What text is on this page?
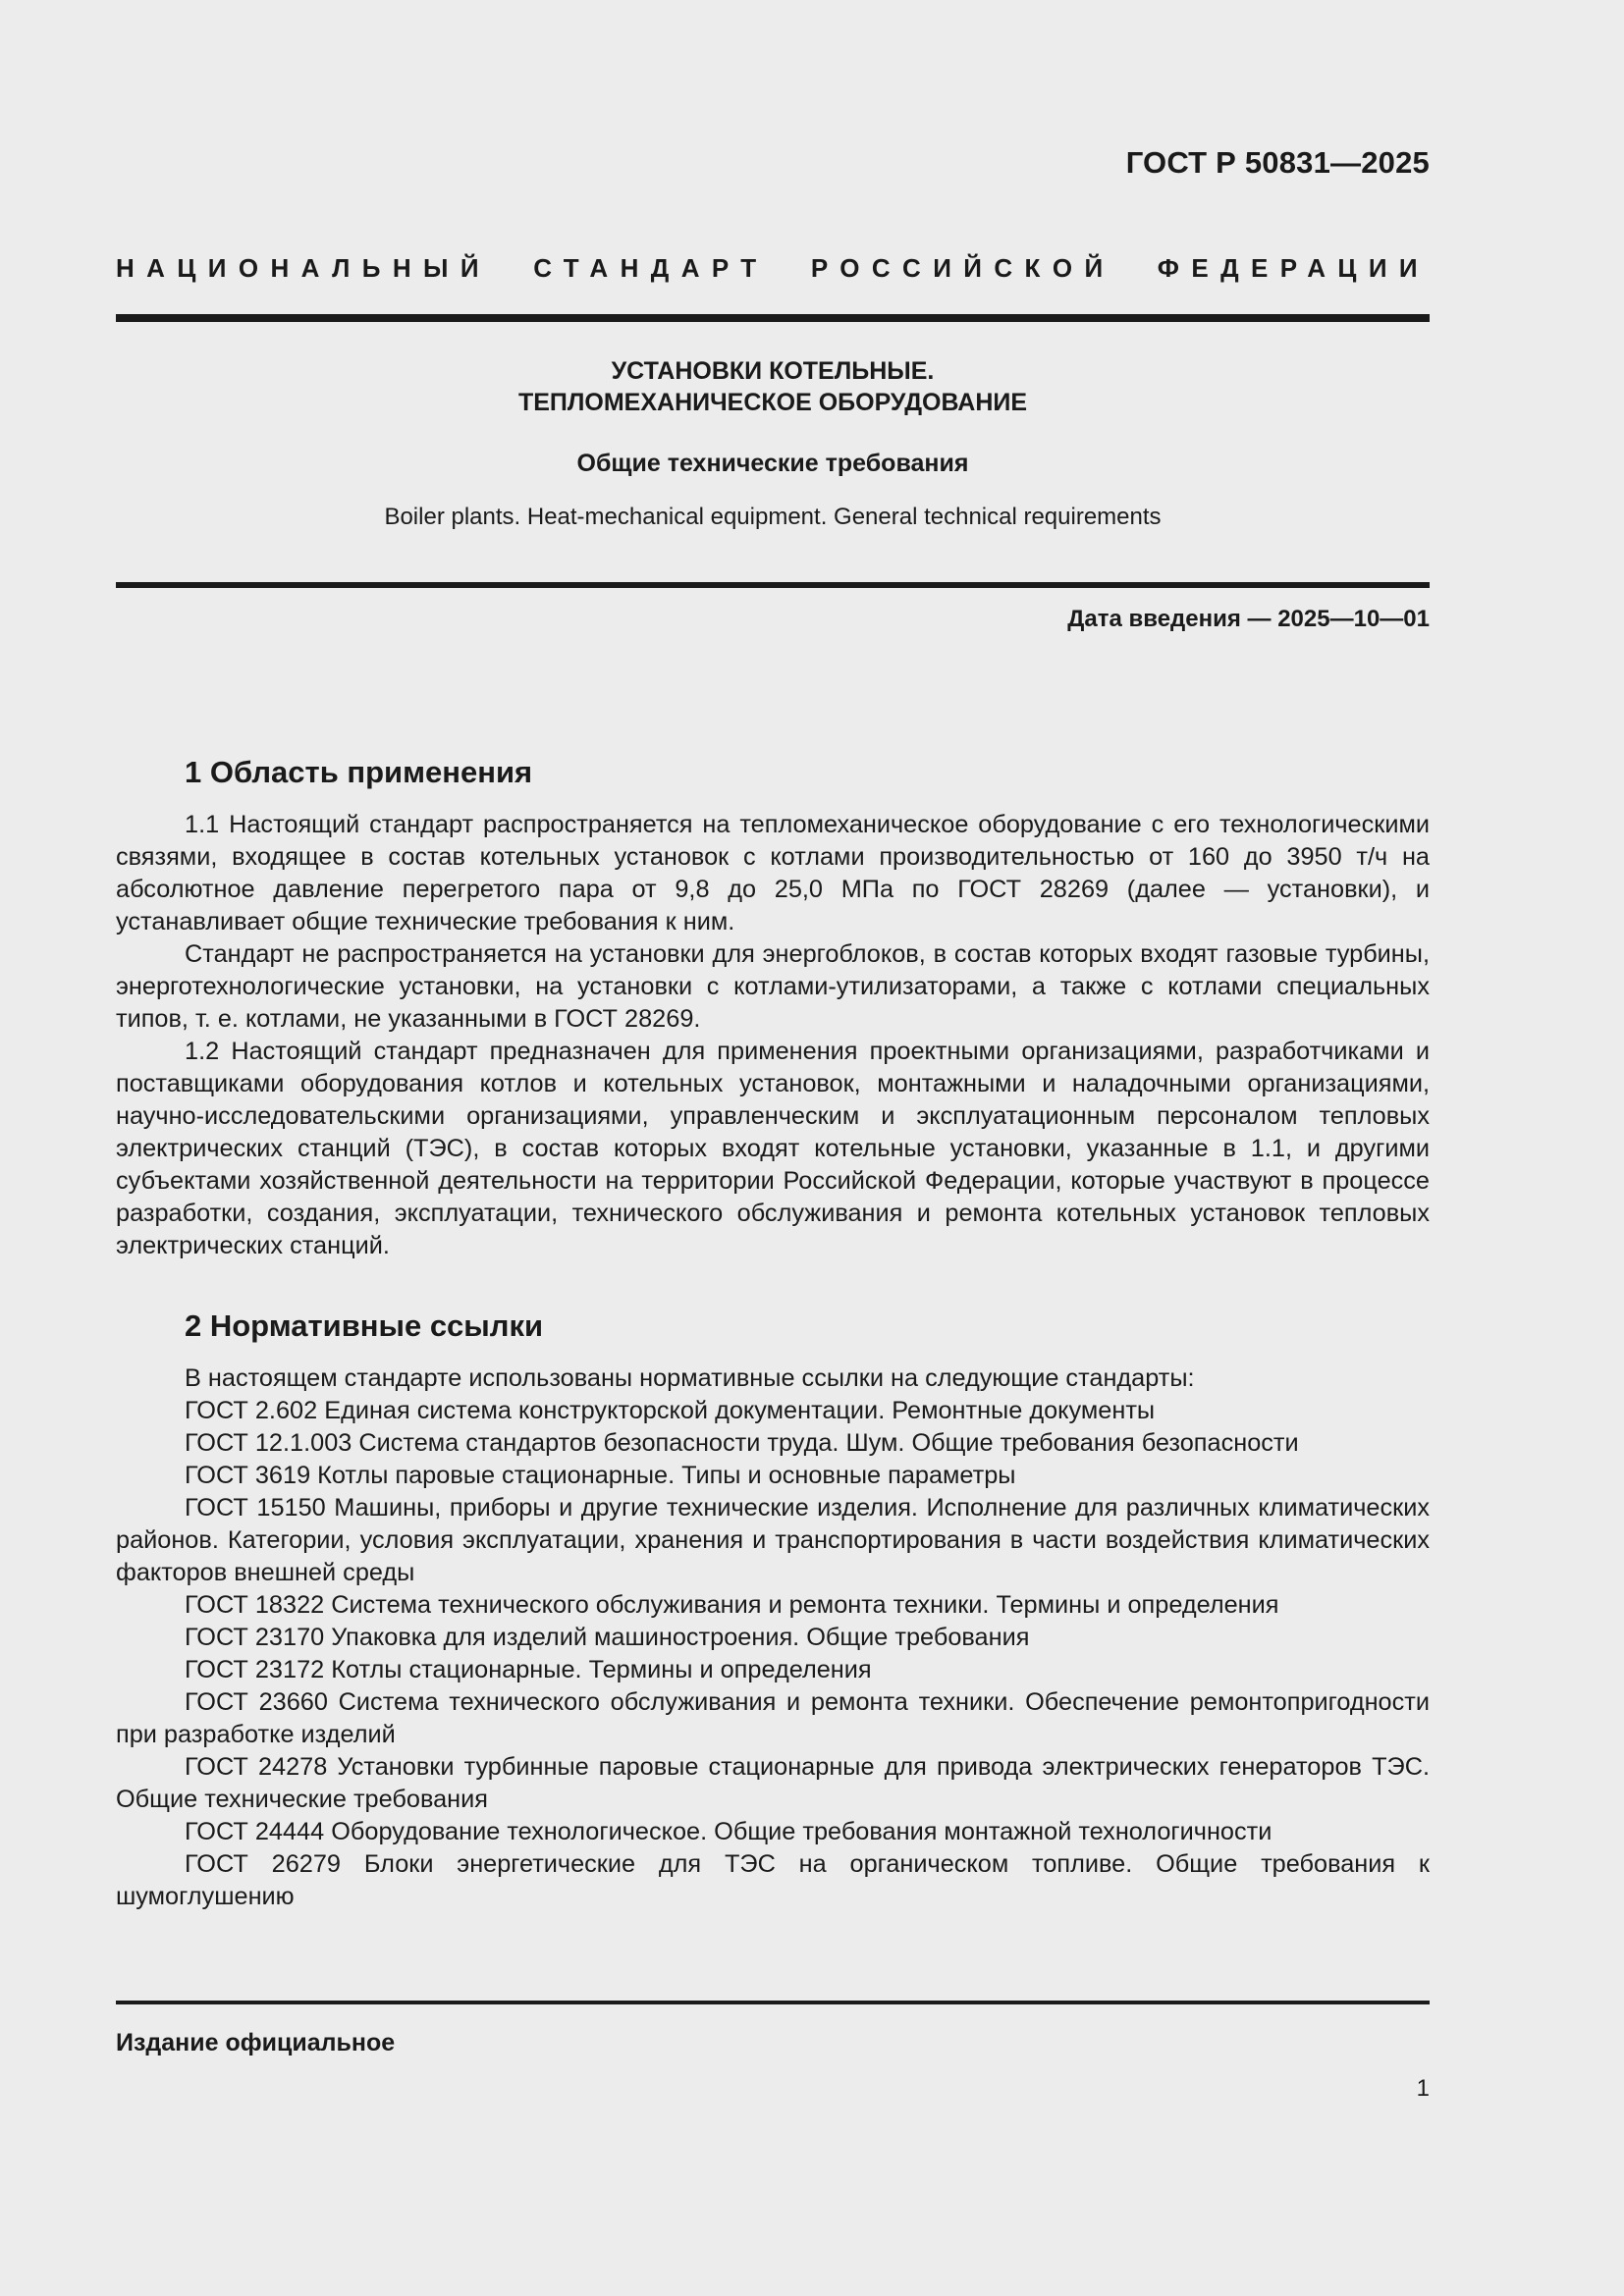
ГОСТ Р 50831—2025
НАЦИОНАЛЬНЫЙ СТАНДАРТ РОССИЙСКОЙ ФЕДЕРАЦИИ
УСТАНОВКИ КОТЕЛЬНЫЕ.
ТЕПЛОМЕХАНИЧЕСКОЕ ОБОРУДОВАНИЕ
Общие технические требования
Boiler plants. Heat-mechanical equipment. General technical requirements
Дата введения — 2025—10—01
1 Область применения

1.1 Настоящий стандарт распространяется на тепломеханическое оборудование с его технологическими связями, входящее в состав котельных установок с котлами производительностью от 160 до 3950 т/ч на абсолютное давление перегретого пара от 9,8 до 25,0 МПа по ГОСТ 28269 (далее — установки), и устанавливает общие технические требования к ним.

Стандарт не распространяется на установки для энергоблоков, в состав которых входят газовые турбины, энерготехнологические установки, на установки с котлами-утилизаторами, а также с котлами специальных типов, т. е. котлами, не указанными в ГОСТ 28269.

1.2 Настоящий стандарт предназначен для применения проектными организациями, разработчиками и поставщиками оборудования котлов и котельных установок, монтажными и наладочными организациями, научно-исследовательскими организациями, управленческим и эксплуатационным персоналом тепловых электрических станций (ТЭС), в состав которых входят котельные установки, указанные в 1.1, и другими субъектами хозяйственной деятельности на территории Российской Федерации, которые участвуют в процессе разработки, создания, эксплуатации, технического обслуживания и ремонта котельных установок тепловых электрических станций.

2 Нормативные ссылки

В настоящем стандарте использованы нормативные ссылки на следующие стандарты:

ГОСТ 2.602 Единая система конструкторской документации. Ремонтные документы

ГОСТ 12.1.003 Система стандартов безопасности труда. Шум. Общие требования безопасности

ГОСТ 3619 Котлы паровые стационарные. Типы и основные параметры

ГОСТ 15150 Машины, приборы и другие технические изделия. Исполнение для различных климатических районов. Категории, условия эксплуатации, хранения и транспортирования в части воздействия климатических факторов внешней среды

ГОСТ 18322 Система технического обслуживания и ремонта техники. Термины и определения

ГОСТ 23170 Упаковка для изделий машиностроения. Общие требования

ГОСТ 23172 Котлы стационарные. Термины и определения

ГОСТ 23660 Система технического обслуживания и ремонта техники. Обеспечение ремонтопригодности при разработке изделий

ГОСТ 24278 Установки турбинные паровые стационарные для привода электрических генераторов ТЭС. Общие технические требования

ГОСТ 24444 Оборудование технологическое. Общие требования монтажной технологичности

ГОСТ 26279 Блоки энергетические для ТЭС на органическом топливе. Общие требования к шумоглушению

Издание официальное
1
